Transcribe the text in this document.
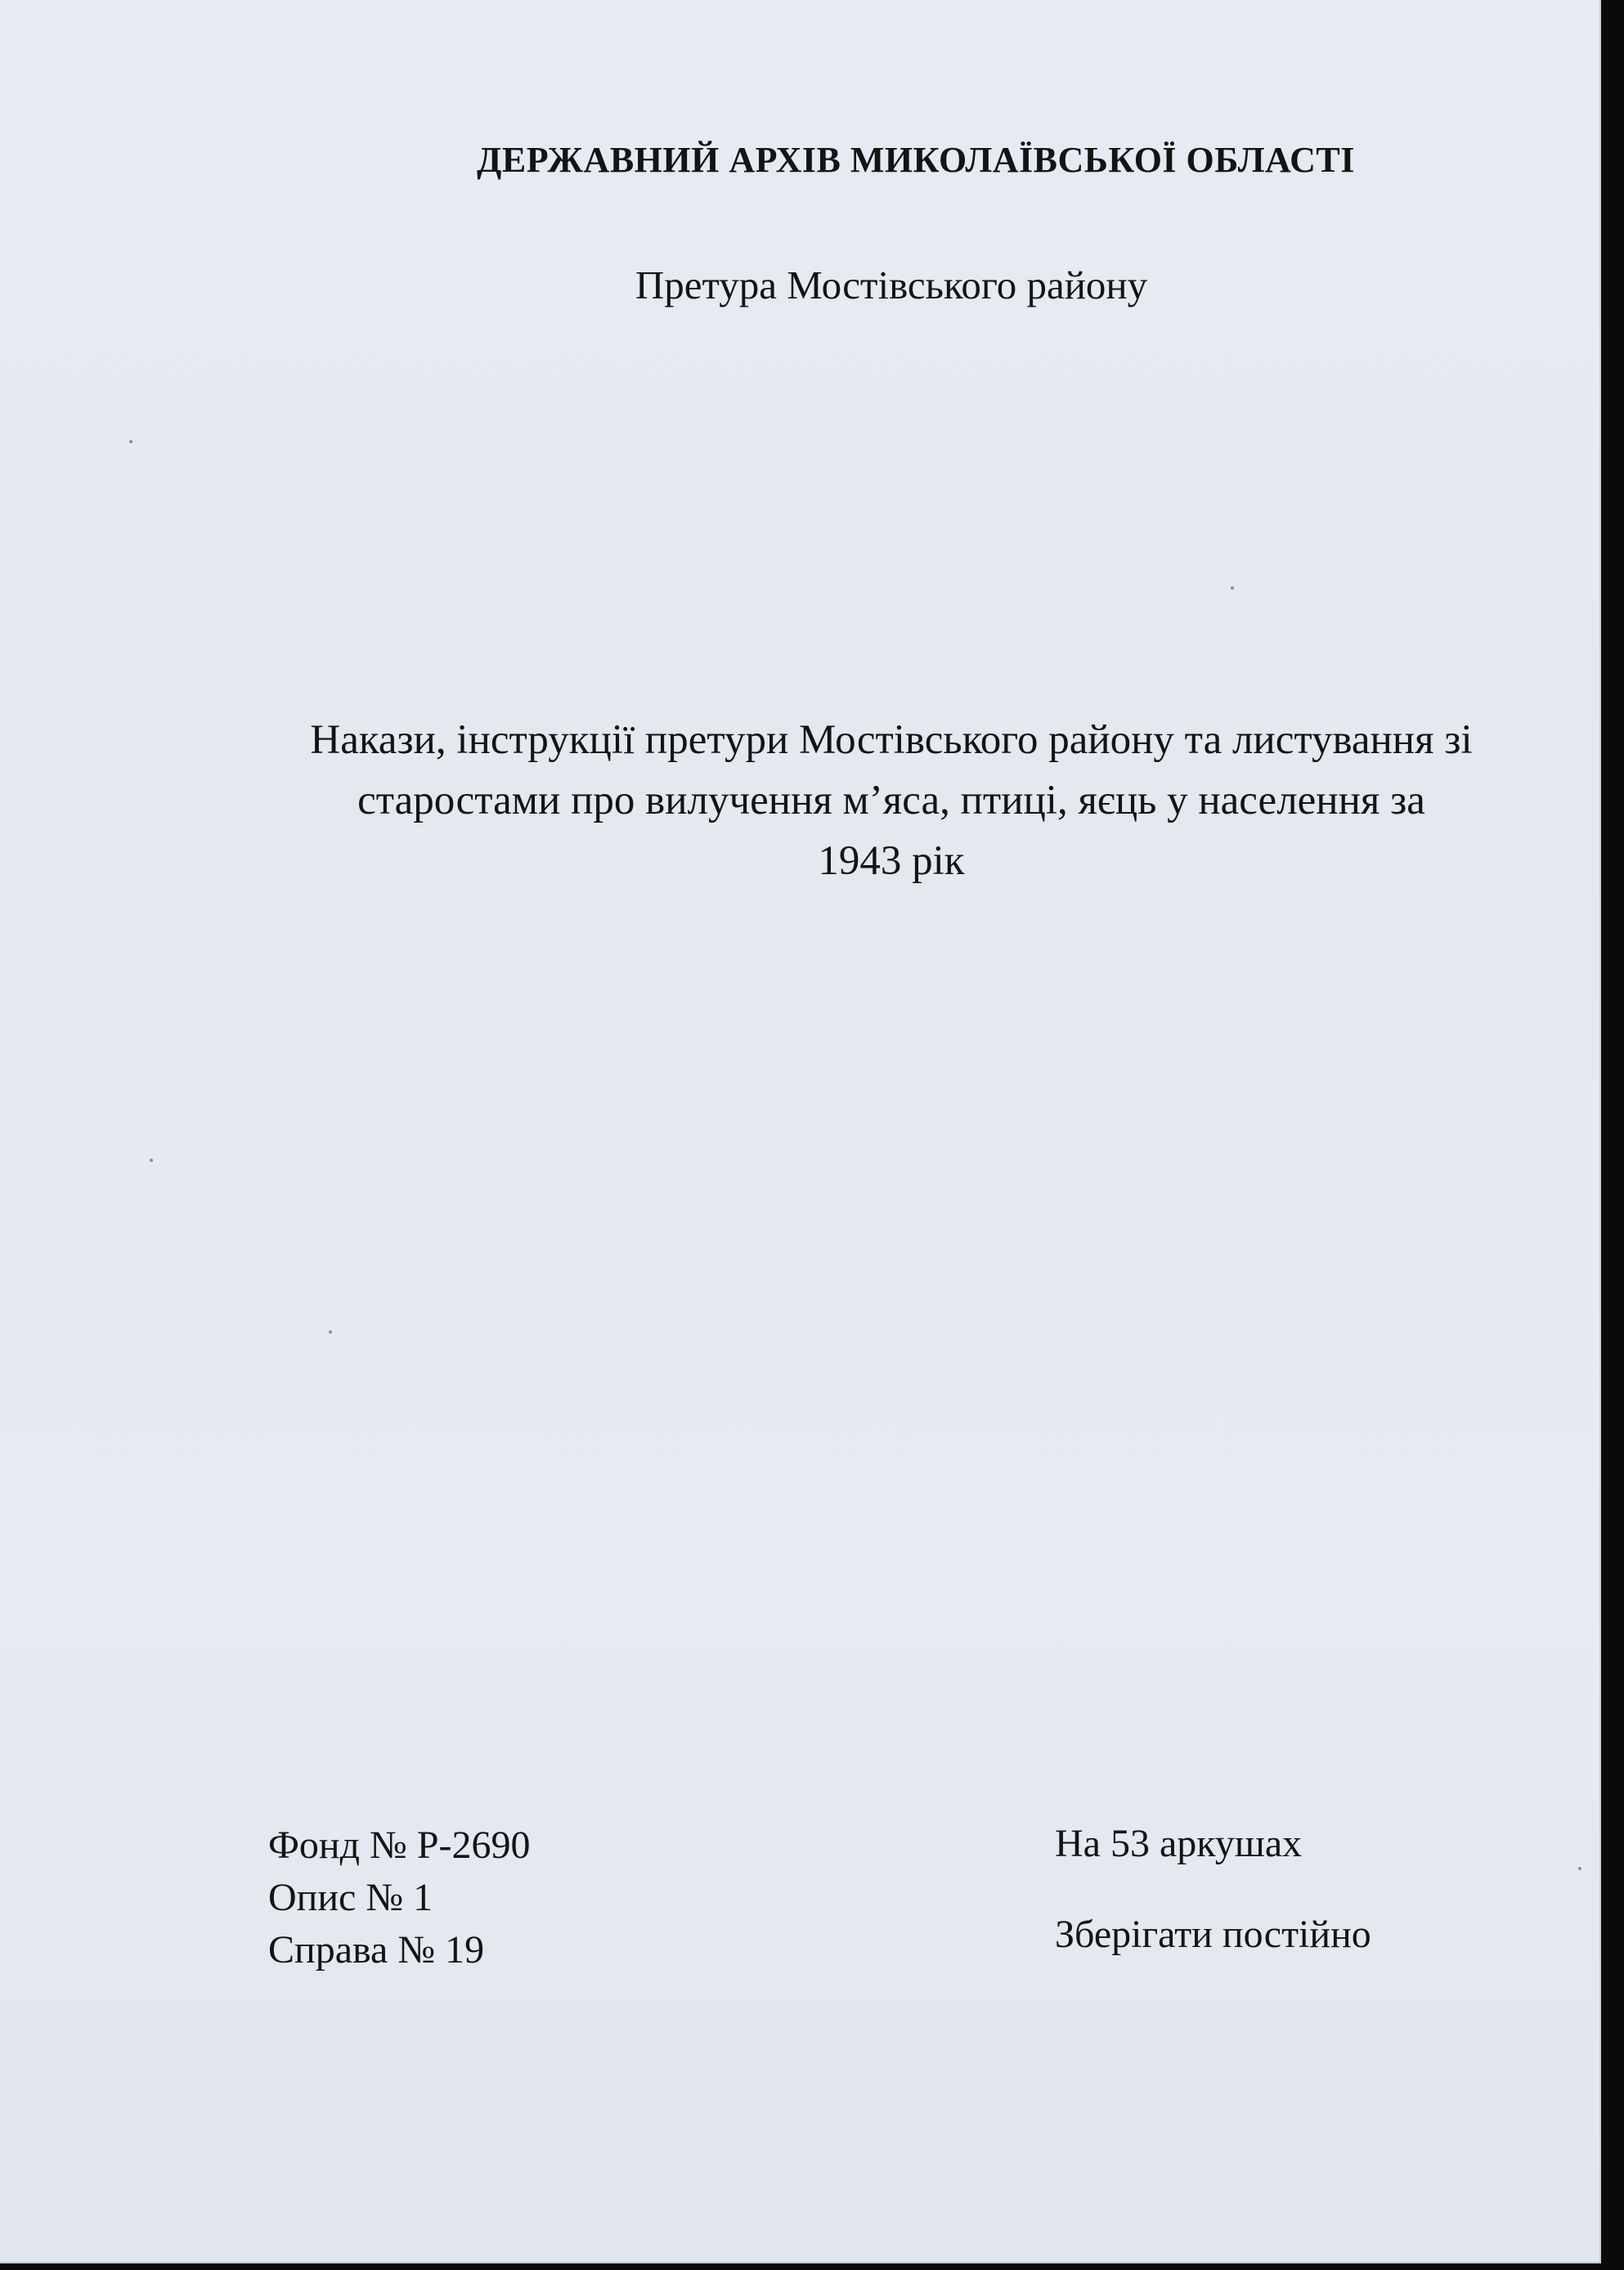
ДЕРЖАВНИЙ АРХІВ МИКОЛАЇВСЬКОЇ ОБЛАСТІ
Претура Мостівського району
Накази, інструкції претури Мостівського району та листування зі
старостами про вилучення м’яса, птиці, яєць у населення за
1943 рік
Фонд № Р-2690
Опис № 1
Справа № 19
На 53 аркушах
Зберігати постійно
